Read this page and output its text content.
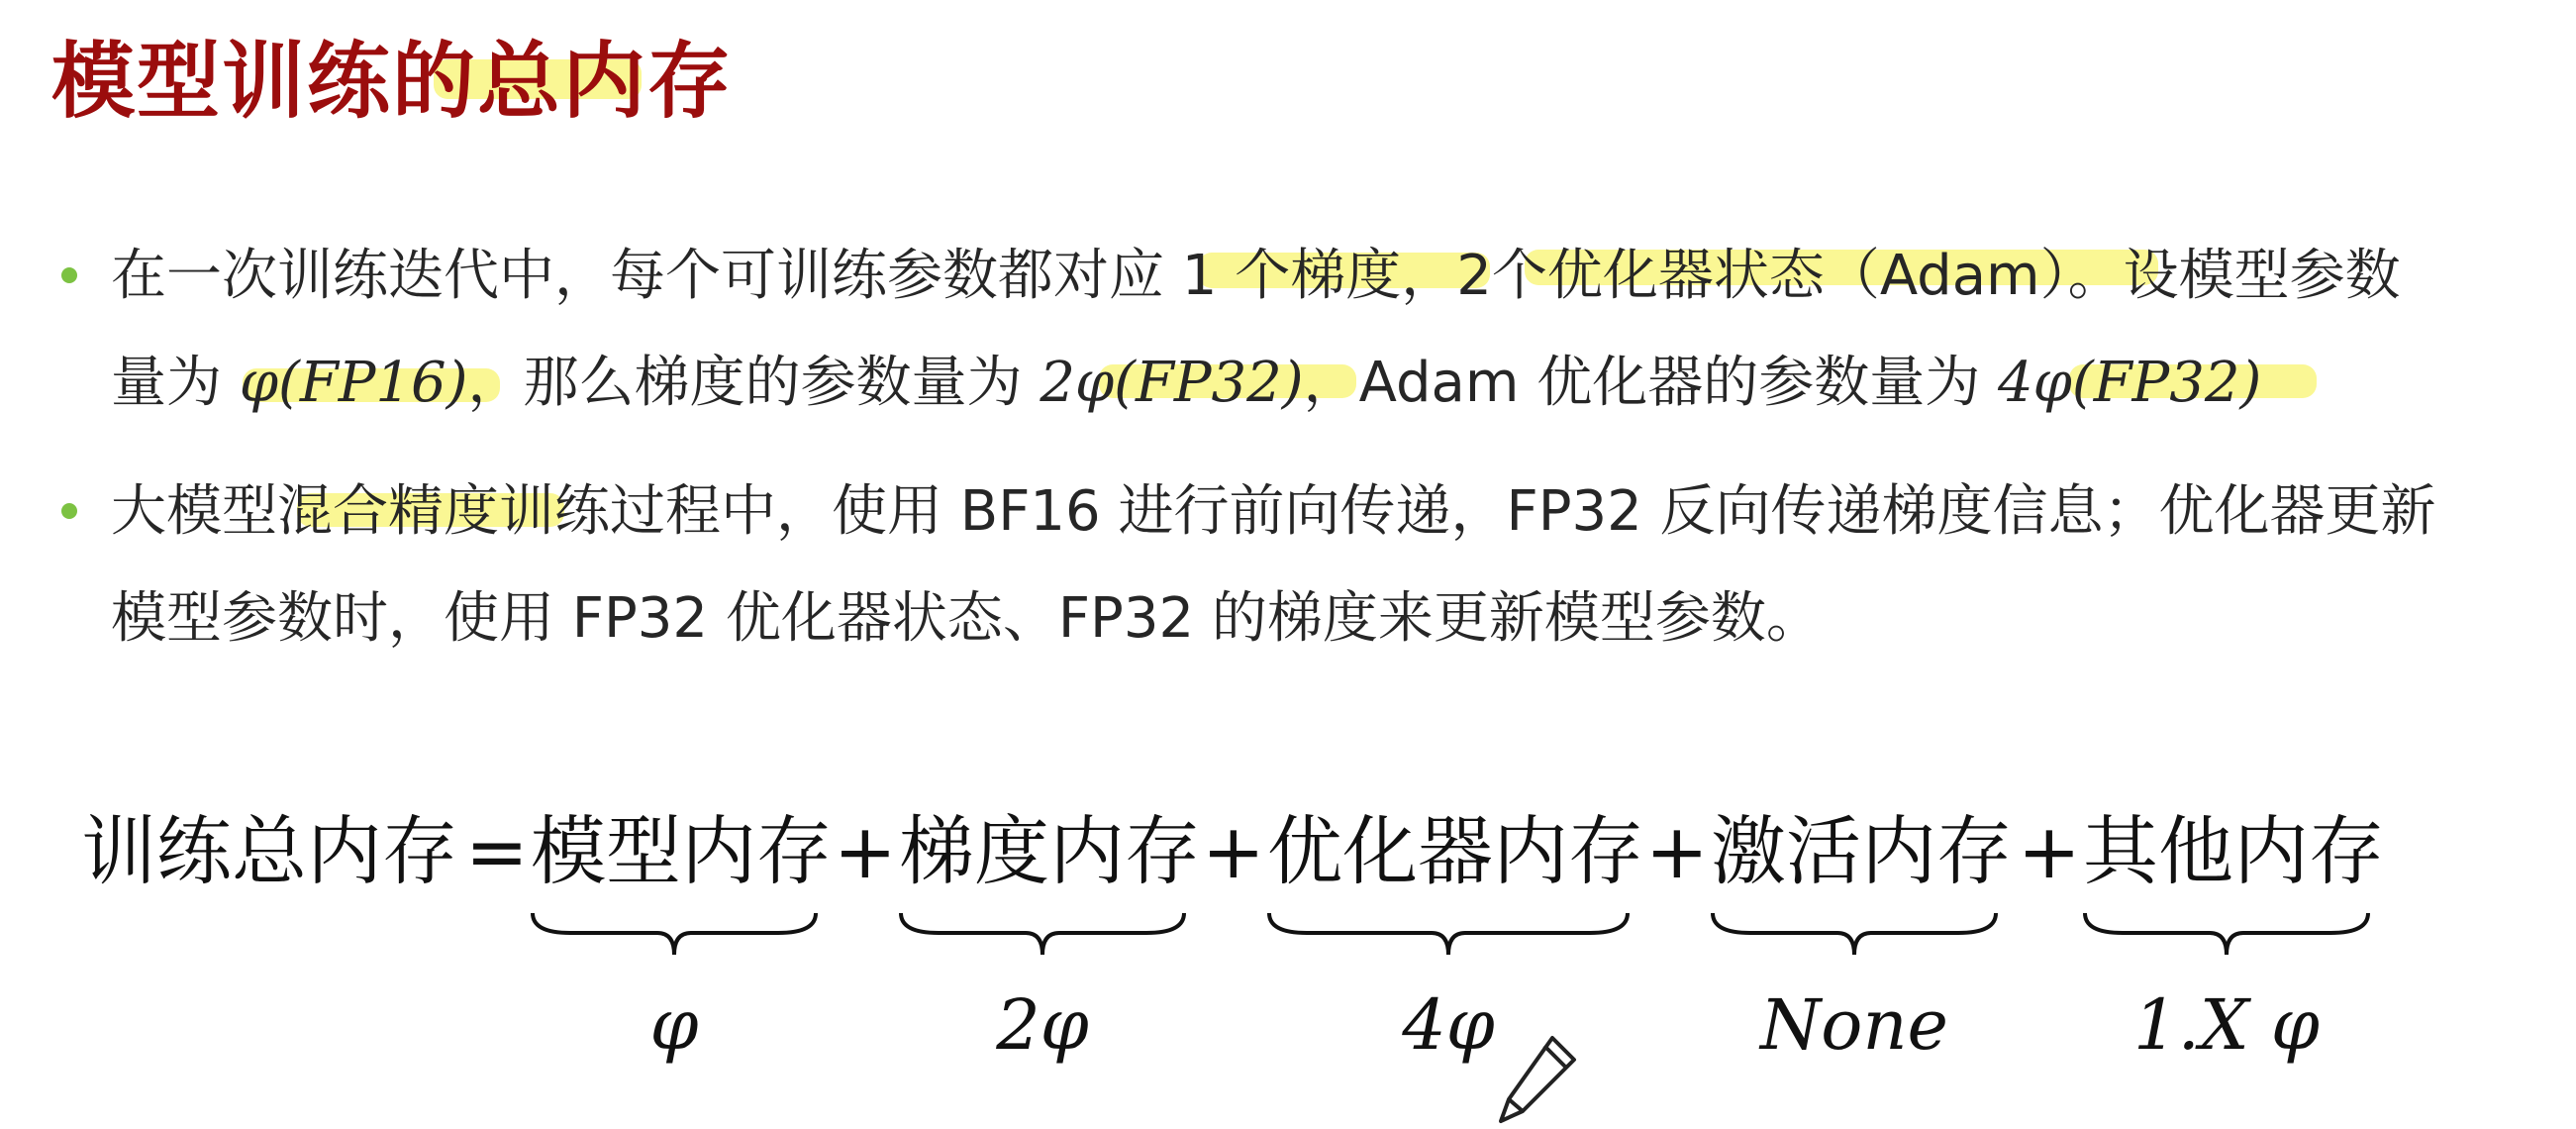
模型训练的总内存
在一次训练迭代中，每个可训练参数都对应 1 个梯度，2个优化器状态（Adam）。设模型参数
量为 φ(FP16)，那么梯度的参数量为 2φ(FP32)，Adam 优化器的参数量为 4φ(FP32)
大模型混合精度训练过程中，使用 BF16 进行前向传递，FP32 反向传递梯度信息；优化器更新
模型参数时，使用 FP32 优化器状态、FP32 的梯度来更新模型参数。
训练总内存 = 模型内存 + 梯度内存 + 优化器内存 + 激活内存 + 其他内存
φ	2φ	4φ	None	1.X φ
